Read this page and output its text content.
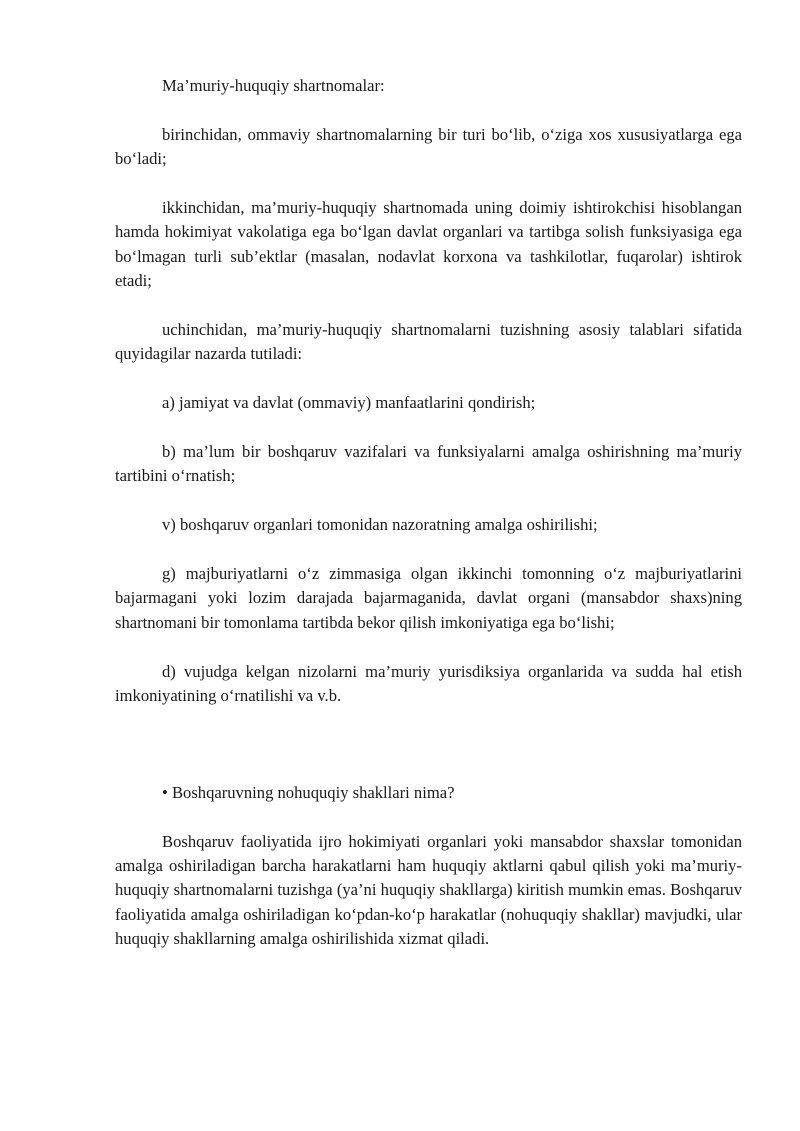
Ma’muriy-huquqiy shartnomalar:

birinchidan, ommaviy shartnomalarning bir turi bo‘lib, o‘ziga xos xususiyatlarga ega bo‘ladi;

ikkinchidan, ma’muriy-huquqiy shartnomada uning doimiy ishtirokchisi hisoblangan hamda hokimiyat vakolatiga ega bo‘lgan davlat organlari va tartibga solish funksiyasiga ega bo‘lmagan turli sub’ektlar (masalan, nodavlat korxona va tashkilotlar, fuqarolar) ishtirok etadi;

uchinchidan, ma’muriy-huquqiy shartnomalarni tuzishning asosiy talablari sifatida quyidagilar nazarda tutiladi:

a) jamiyat va davlat (ommaviy) manfaatlarini qondirish;

b) ma’lum bir boshqaruv vazifalari va funksiyalarni amalga oshirishning ma’muriy tartibini o‘rnatish;

v) boshqaruv organlari tomonidan nazoratning amalga oshirilishi;

g) majburiyatlarni o‘z zimmasiga olgan ikkinchi tomonning o‘z majburiyatlarini bajarmagani yoki lozim darajada bajarmaganida, davlat organi (mansabdor shaxs)ning shartnomani bir tomonlama tartibda bekor qilish imkoniyatiga ega bo‘lishi;

d) vujudga kelgan nizolarni ma’muriy yurisdiksiya organlarida va sudda hal etish imkoniyatining o‘rnatilishi va v.b.

• Boshqaruvning nohuquqiy shakllari nima?

Boshqaruv faoliyatida ijro hokimiyati organlari yoki mansabdor shaxslar tomonidan amalga oshiriladigan barcha harakatlarni ham huquqiy aktlarni qabul qilish yoki ma’muriy-huquqiy shartnomalarni tuzishga (ya’ni huquqiy shakllarga) kiritish mumkin emas. Boshqaruv faoliyatida amalga oshiriladigan ko‘pdan-ko‘p harakatlar (nohuquqiy shakllar) mavjudki, ular huquqiy shakllarning amalga oshirilishida xizmat qiladi.
